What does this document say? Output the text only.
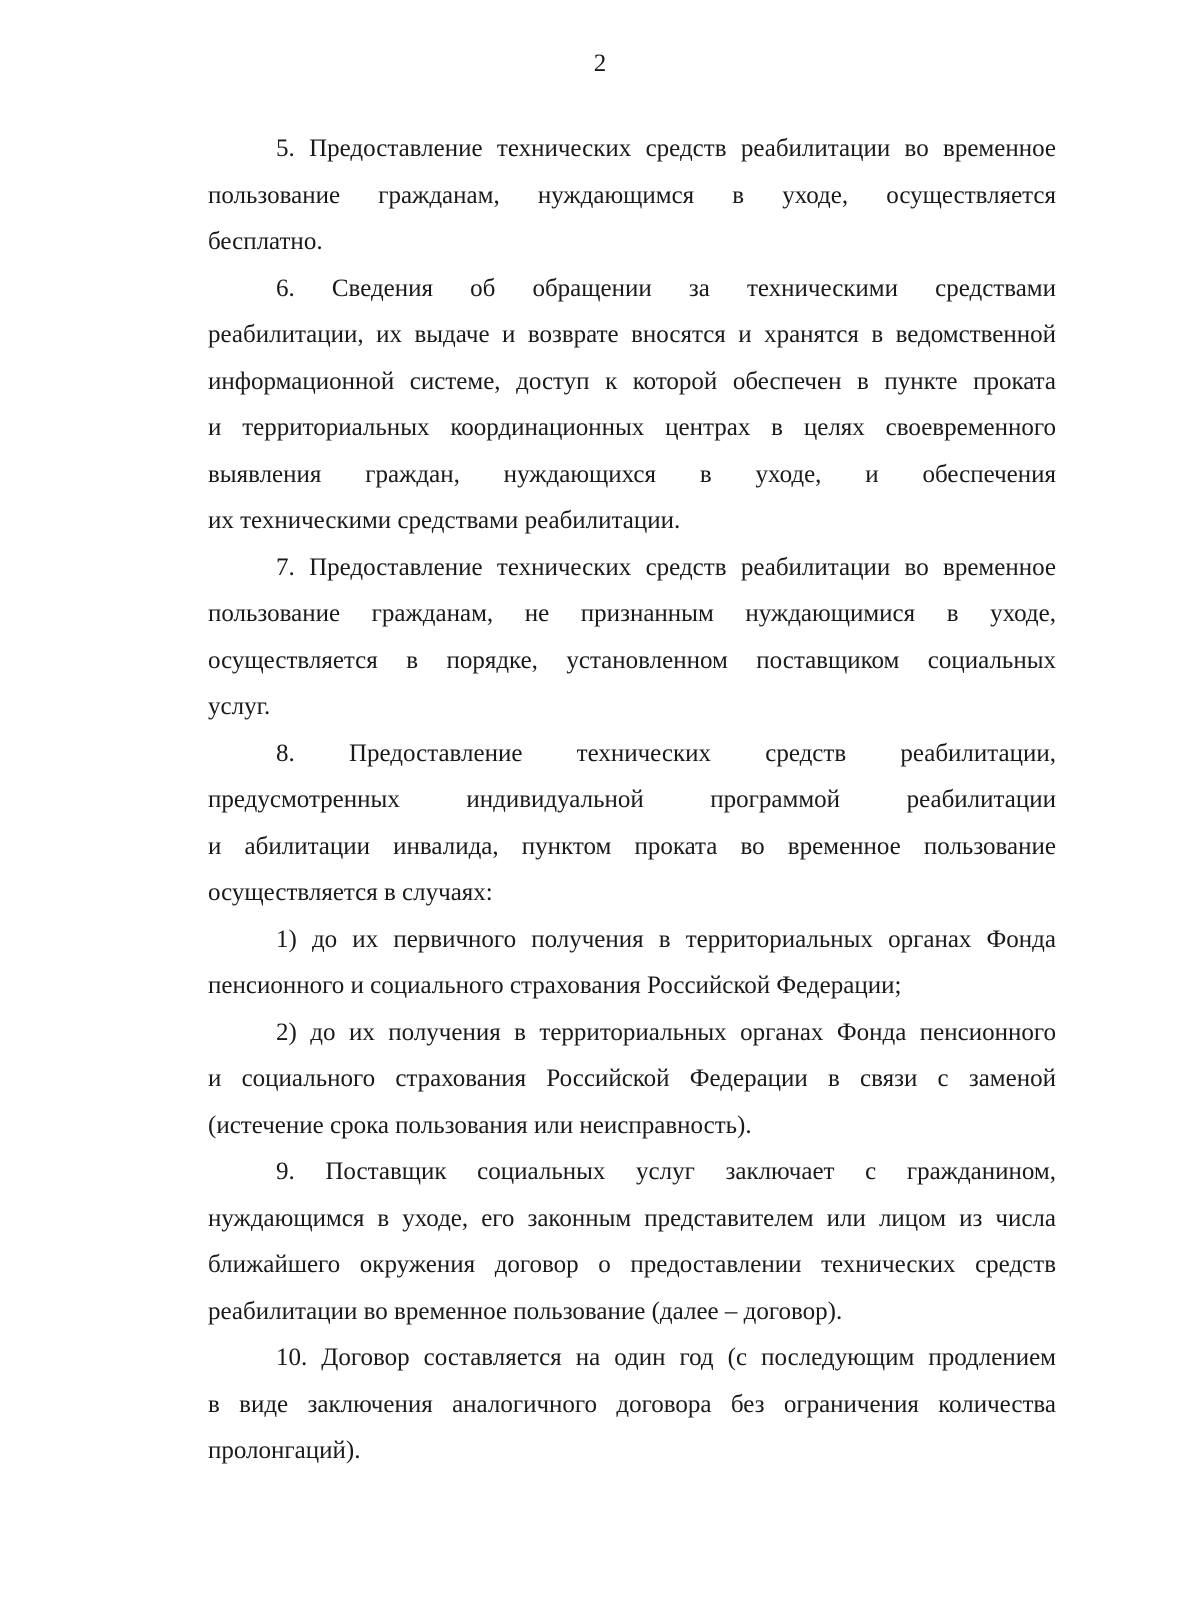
2
5. Предоставление технических средств реабилитации во временное
пользование гражданам, нуждающимся в уходе, осуществляется
бесплатно.
6. Сведения об обращении за техническими средствами
реабилитации, их выдаче и возврате вносятся и хранятся в ведомственной
информационной системе, доступ к которой обеспечен в пункте проката
и территориальных координационных центрах в целях своевременного
выявления граждан, нуждающихся в уходе, и обеспечения
их техническими средствами реабилитации.
7. Предоставление технических средств реабилитации во временное
пользование гражданам, не признанным нуждающимися в уходе,
осуществляется в порядке, установленном поставщиком социальных
услуг.
8. Предоставление технических средств реабилитации,
предусмотренных индивидуальной программой реабилитации
и абилитации инвалида, пунктом проката во временное пользование
осуществляется в случаях:
1) до их первичного получения в территориальных органах Фонда
пенсионного и социального страхования Российской Федерации;
2) до их получения в территориальных органах Фонда пенсионного
и социального страхования Российской Федерации в связи с заменой
(истечение срока пользования или неисправность).
9. Поставщик социальных услуг заключает с гражданином,
нуждающимся в уходе, его законным представителем или лицом из числа
ближайшего окружения договор о предоставлении технических средств
реабилитации во временное пользование (далее – договор).
10. Договор составляется на один год (с последующим продлением
в виде заключения аналогичного договора без ограничения количества
пролонгаций).
